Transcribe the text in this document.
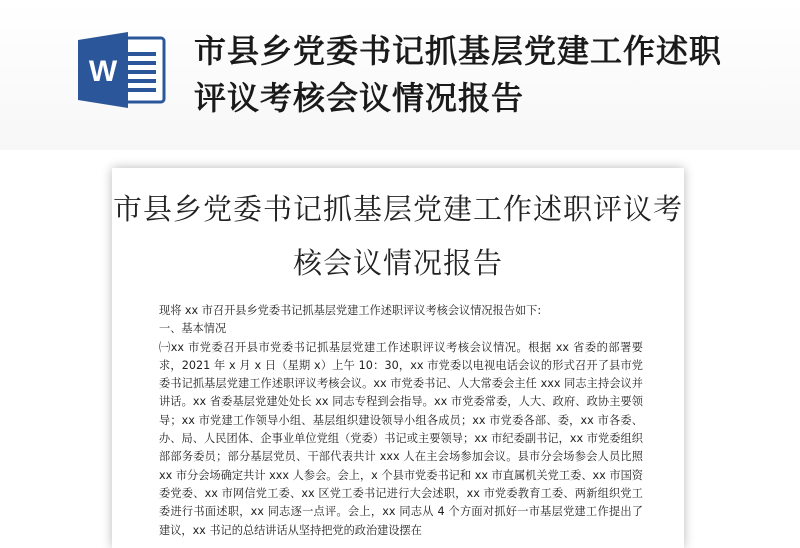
W
市县乡党委书记抓基层党建工作述职评议考核会议情况报告
市县乡党委书记抓基层党建工作述职评议考核会议情况报告

现将 xx 市召开县乡党委书记抓基层党建工作述职评议考核会议情况报告如下:

一、基本情况

㈠xx 市党委召开县市党委书记抓基层党建工作述职评议考核会议情况。根据 xx 省委的部署要求，2021 年 x 月 x 日（星期 x）上午 10：30，xx 市党委以电视电话会议的形式召开了县市党委书记抓基层党建工作述职评议考核会议。xx 市党委书记、人大常委会主任 xxx 同志主持会议并讲话。xx 省委基层党建处处长 xx 同志专程到会指导。xx 市党委常委，人大、政府、政协主要领导；xx 市党建工作领导小组、基层组织建设领导小组各成员；xx 市党委各部、委，xx 市各委、办、局、人民团体、企事业单位党组（党委）书记或主要领导；xx 市纪委副书记，xx 市党委组织部部务委员；部分基层党员、干部代表共计 xxx 人在主会场参加会议。县市分会场参会人员比照 xx 市分会场确定共计 xxx 人参会。会上，x 个县市党委书记和 xx 市直属机关党工委、xx 市国资委党委、xx 市网信党工委、xx 区党工委书记进行大会述职，xx 市党委教育工委、两新组织党工委进行书面述职，xx 同志逐一点评。会上，xx 同志从 4 个方面对抓好一市基层党建工作提出了建议，xx 书记的总结讲话从坚持把党的政治建设摆在
